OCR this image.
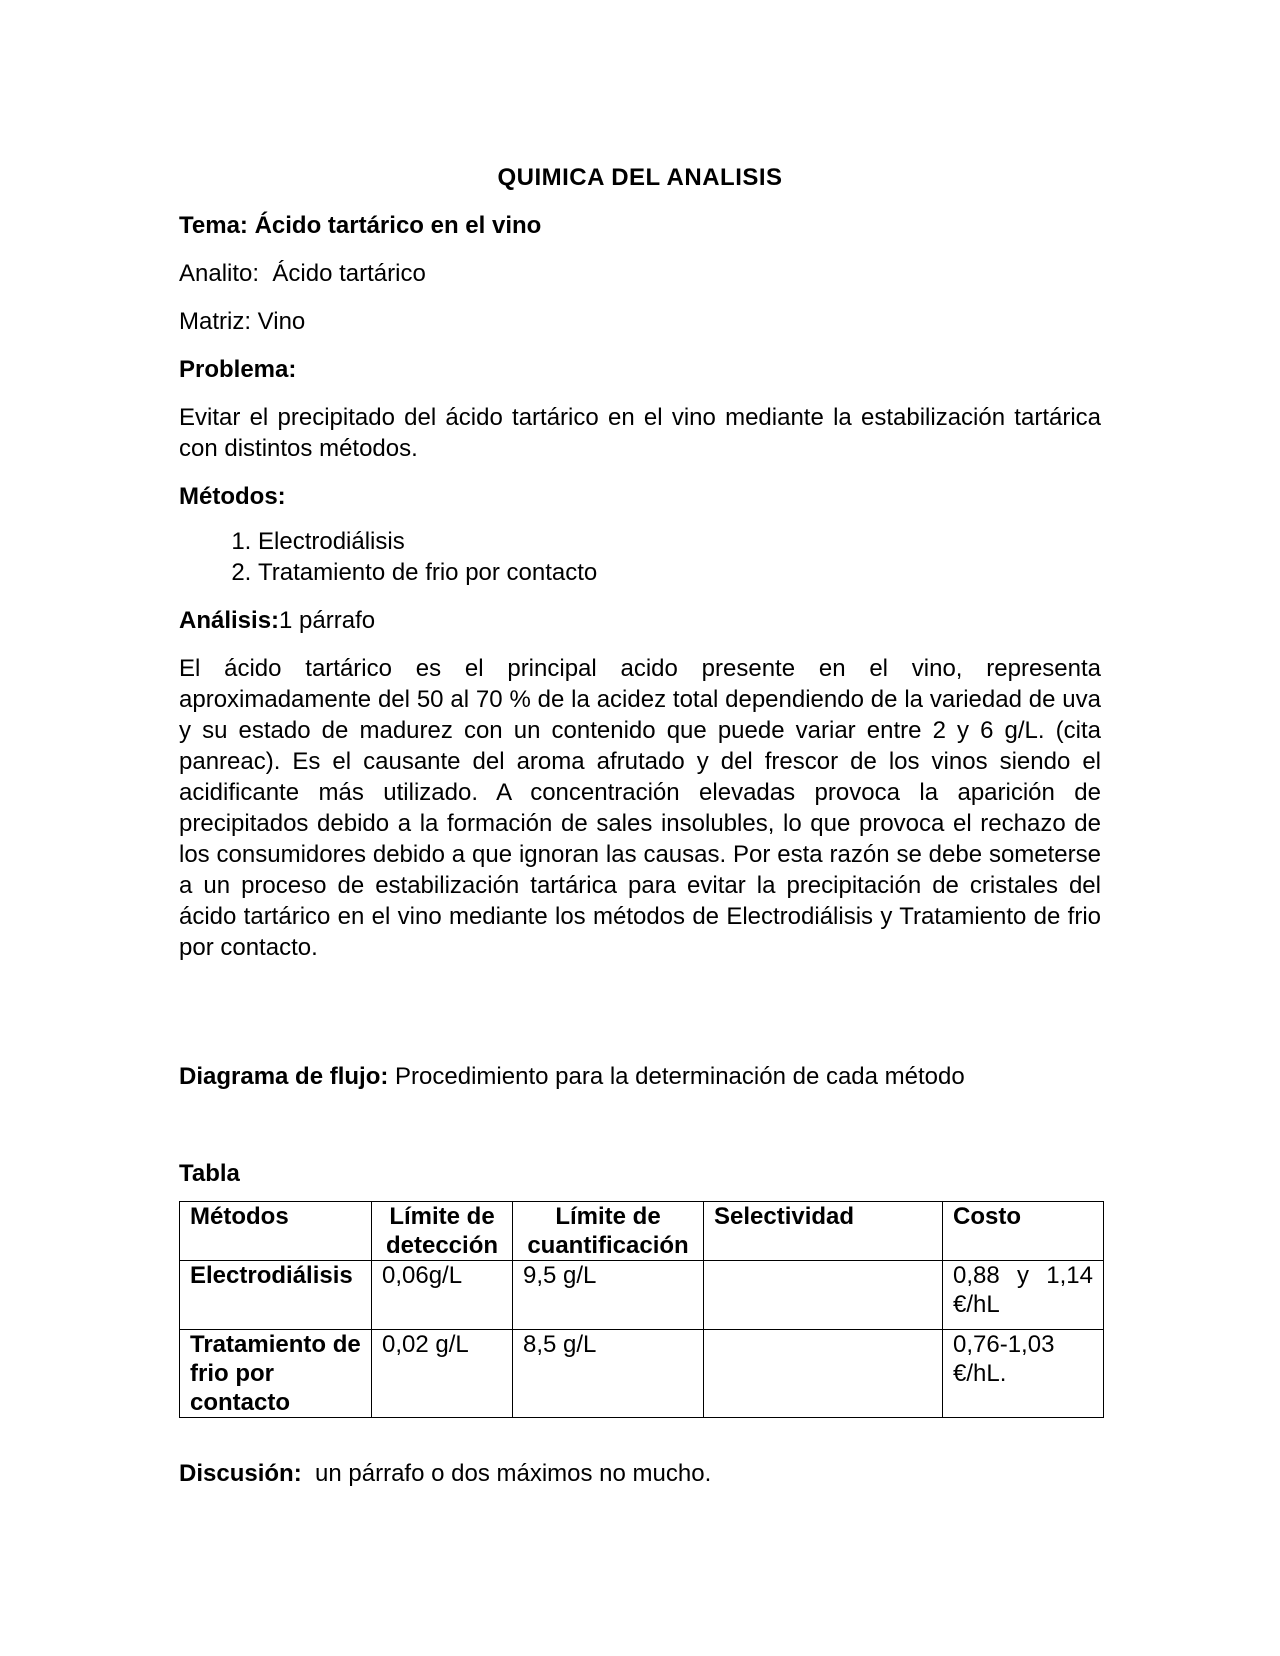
QUIMICA DEL ANALISIS

Tema: Ácido tartárico en el vino

Analito: Ácido tartárico

Matriz: Vino

Problema:

Evitar el precipitado del ácido tartárico en el vino mediante la estabilización tartárica con distintos métodos.

Métodos:

1. Electrodiálisis
2. Tratamiento de frio por contacto

Análisis:1 párrafo

El ácido tartárico es el principal acido presente en el vino, representa aproximadamente del 50 al 70 % de la acidez total dependiendo de la variedad de uva y su estado de madurez con un contenido que puede variar entre 2 y 6 g/L. (cita panreac). Es el causante del aroma afrutado y del frescor de los vinos siendo el acidificante más utilizado. A concentración elevadas provoca la aparición de precipitados debido a la formación de sales insolubles, lo que provoca el rechazo de los consumidores debido a que ignoran las causas. Por esta razón se debe someterse a un proceso de estabilización tartárica para evitar la precipitación de cristales del ácido tartárico en el vino mediante los métodos de Electrodiálisis y Tratamiento de frio por contacto.

Diagrama de flujo: Procedimiento para la determinación de cada método

Tabla

Métodos	Límite de detección	Límite de cuantificación	Selectividad	Costo
Electrodiálisis	0,06g/L	9,5 g/L		0,88 y 1,14 €/hL
Tratamiento de frio por contacto	0,02 g/L	8,5 g/L		0,76-1,03 €/hL.

Discusión: un párrafo o dos máximos no mucho.
